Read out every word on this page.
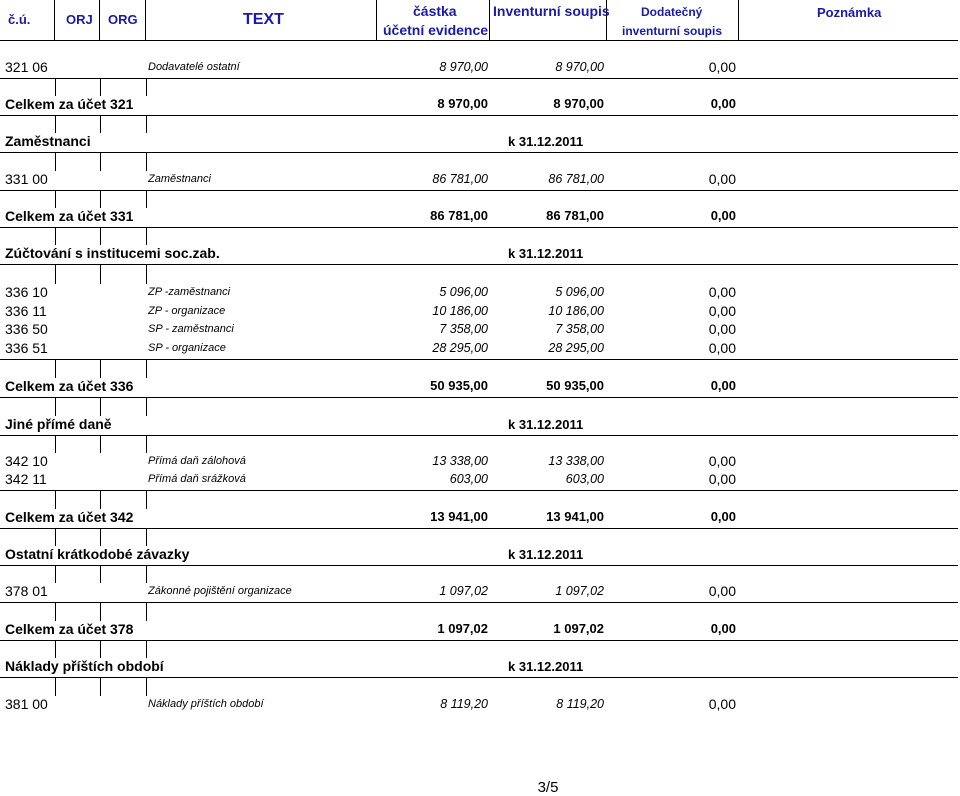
č.ú.	ORJ ORG	TEXT	částka
účetní evidence
Inventurní soupis	Dodatečný
inventurní soupis
Poznámka
321 06	Dodavatelé ostatní	8 970,00	8 970,00	0,00
Celkem za účet 321	8 970,00	8 970,00	0,00
Zaměstnanci	k 31.12.2011
331 00	Zaměstnanci	86 781,00	86 781,00	0,00
Celkem za účet 331	86 781,00	86 781,00	0,00
Zúčtování s institucemi soc.zab.	k 31.12.2011
336 10	ZP -zaměstnanci	5 096,00	5 096,00	0,00
336 11	ZP - organizace	10 186,00	10 186,00	0,00
336 50	SP - zaměstnanci	7 358,00	7 358,00	0,00
336 51	SP - organizace	28 295,00	28 295,00	0,00
Celkem za účet 336	50 935,00	50 935,00	0,00
Jiné přímé daně	k 31.12.2011
342 10	Přímá daň zálohová	13 338,00	13 338,00	0,00
342 11	Přímá daň srážková	603,00	603,00	0,00
Celkem za účet 342	13 941,00	13 941,00	0,00
Ostatní krátkodobé závazky	k 31.12.2011
378 01	Zákonné pojištění organizace	1 097,02	1 097,02	0,00
Celkem za účet 378	1 097,02	1 097,02	0,00
Náklady příštích období	k 31.12.2011
381 00	Náklady příštích období	8 119,20	8 119,20	0,00
3/5
